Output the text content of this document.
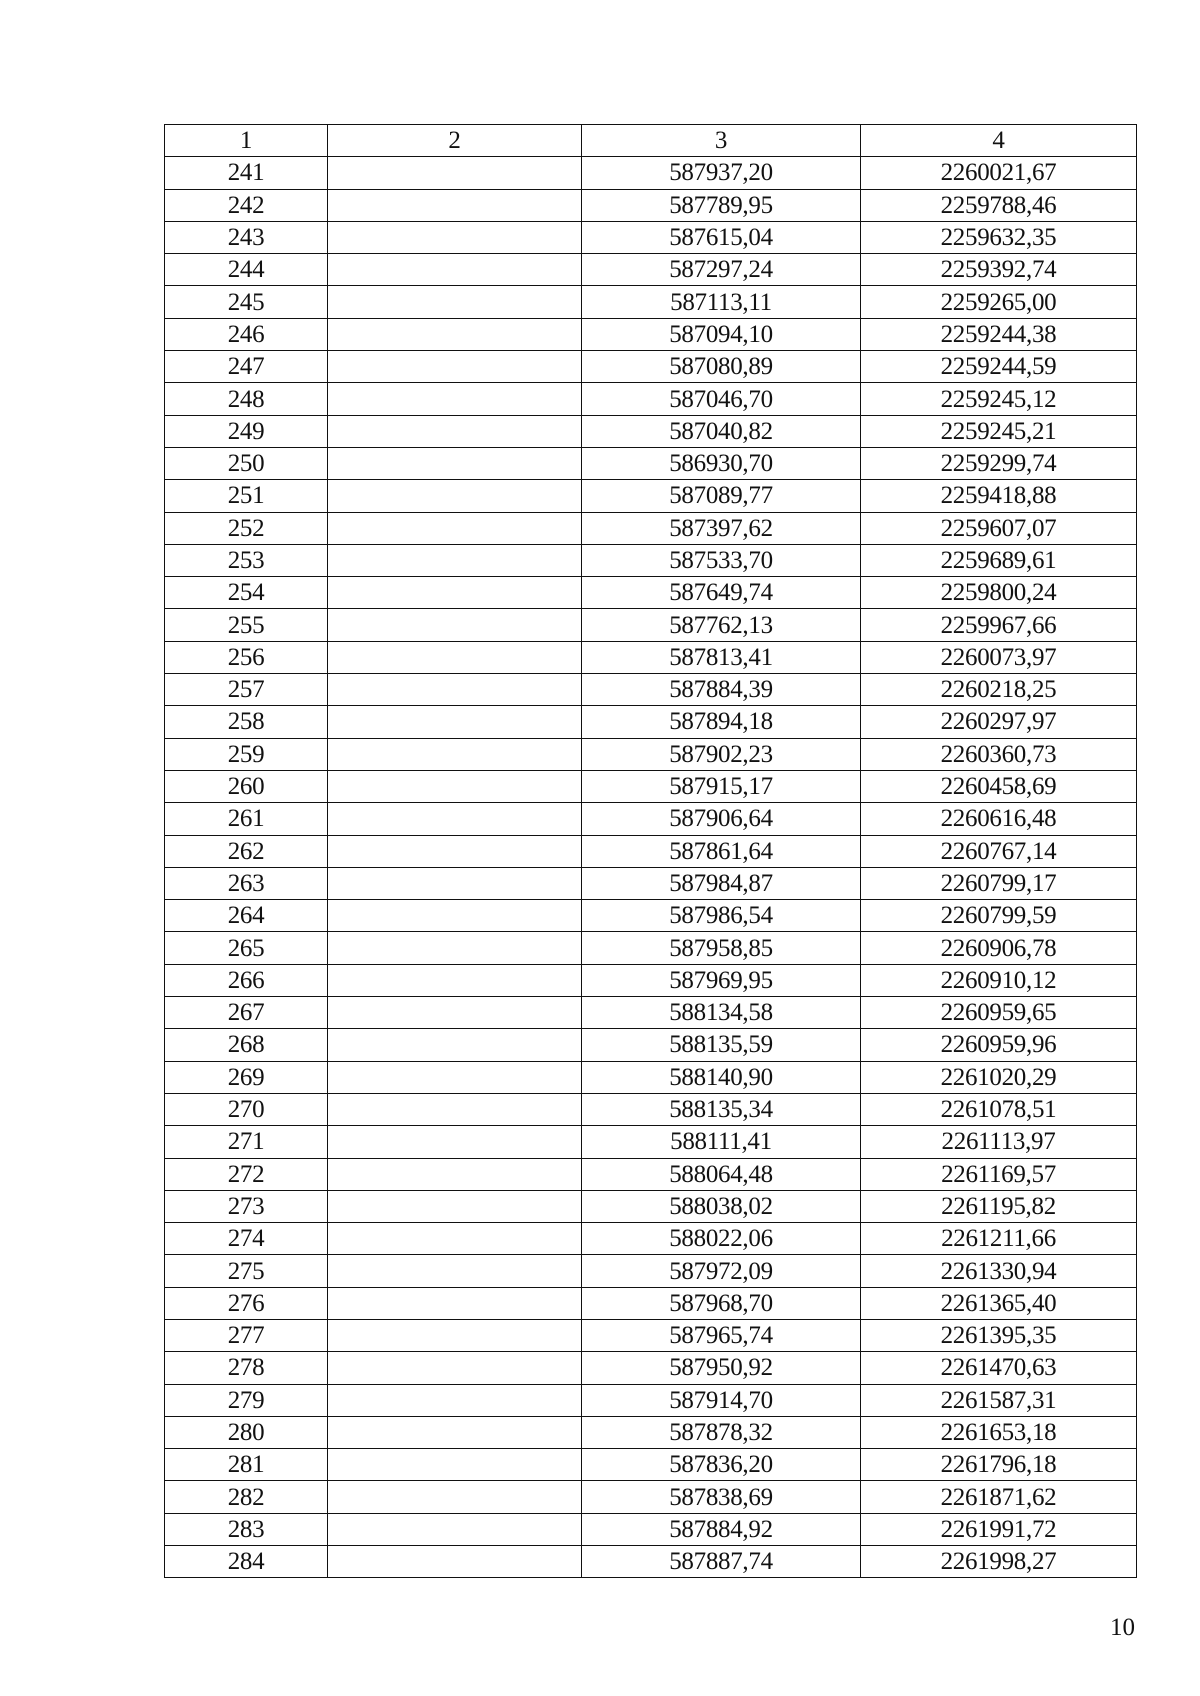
1	2	3	4
241		587937,20	2260021,67
242		587789,95	2259788,46
243		587615,04	2259632,35
244		587297,24	2259392,74
245		587113,11	2259265,00
246		587094,10	2259244,38
247		587080,89	2259244,59
248		587046,70	2259245,12
249		587040,82	2259245,21
250		586930,70	2259299,74
251		587089,77	2259418,88
252		587397,62	2259607,07
253		587533,70	2259689,61
254		587649,74	2259800,24
255		587762,13	2259967,66
256		587813,41	2260073,97
257		587884,39	2260218,25
258		587894,18	2260297,97
259		587902,23	2260360,73
260		587915,17	2260458,69
261		587906,64	2260616,48
262		587861,64	2260767,14
263		587984,87	2260799,17
264		587986,54	2260799,59
265		587958,85	2260906,78
266		587969,95	2260910,12
267		588134,58	2260959,65
268		588135,59	2260959,96
269		588140,90	2261020,29
270		588135,34	2261078,51
271		588111,41	2261113,97
272		588064,48	2261169,57
273		588038,02	2261195,82
274		588022,06	2261211,66
275		587972,09	2261330,94
276		587968,70	2261365,40
277		587965,74	2261395,35
278		587950,92	2261470,63
279		587914,70	2261587,31
280		587878,32	2261653,18
281		587836,20	2261796,18
282		587838,69	2261871,62
283		587884,92	2261991,72
284		587887,74	2261998,27
10
